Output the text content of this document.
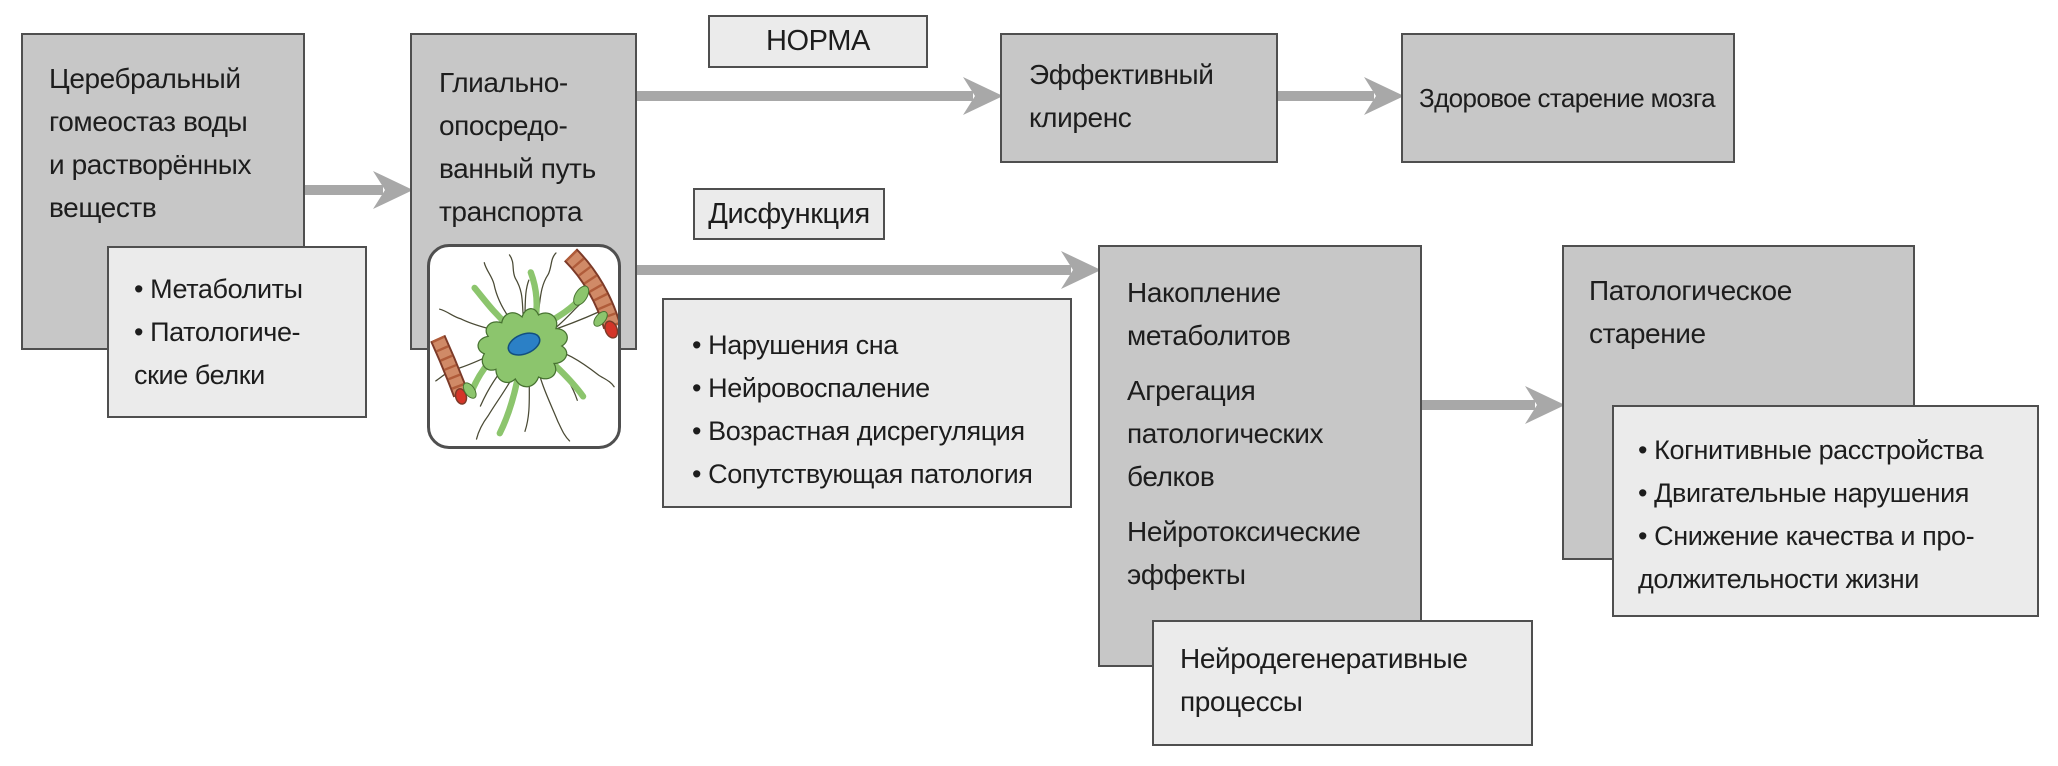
Церебральный
гомеостаз воды
и растворённых
веществ
• Метаболиты
• Патологиче-
ские белки
Глиально-
опосредо-
ванный путь
транспорта
НОРМА
Эффективный
клиренс
Здоровое старение мозга
Дисфункция
• Нарушения сна
• Нейровоспаление
• Возрастная дисрегуляция
• Сопутствующая патология
Накопление
метаболитов
Агрегация
патологических
белков
Нейротоксические
эффекты
Нейродегенеративные
процессы
Патологическое
старение
• Когнитивные расстройства
• Двигательные нарушения
• Снижение качества и про-
должительности жизни
